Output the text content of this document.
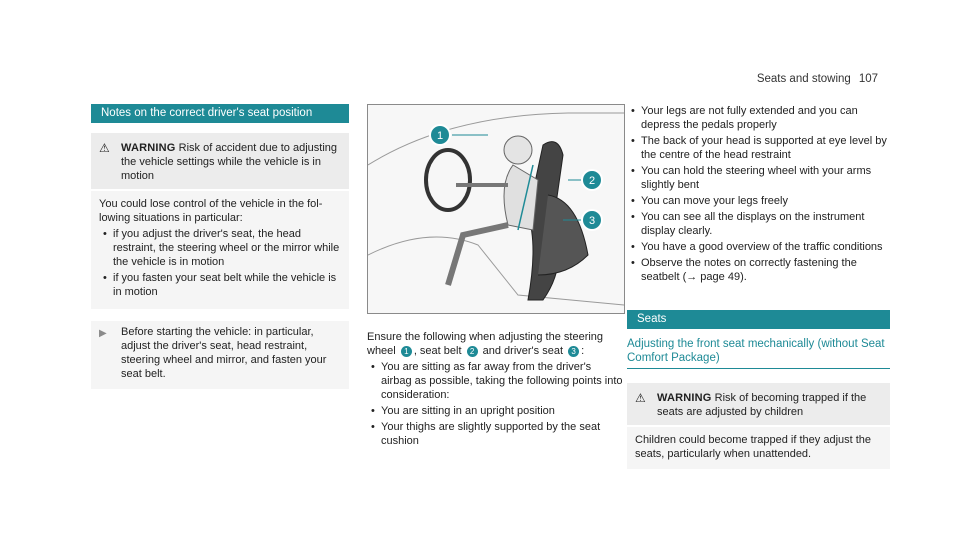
Seats and stowing 107
Notes on the correct driver's seat position
⚠	WARNING Risk of accident due to adjusting the vehicle settings while the vehicle is in motion
You could lose control of the vehicle in the following situations in particular:
• if you adjust the driver's seat, the head restraint, the steering wheel or the mirror while the vehicle is in motion
• if you fasten your seat belt while the vehicle is in motion
▶	Before starting the vehicle: in particular, adjust the driver's seat, head restraint, steering wheel and mirror, and fasten your seat belt.
1
2
3
Ensure the following when adjusting the steering wheel 1 , seat belt 2 and driver's seat 3 :
• You are sitting as far away from the driver's airbag as possible, taking the following points into consideration:
• You are sitting in an upright position
• Your thighs are slightly supported by the seat cushion
• Your legs are not fully extended and you can depress the pedals properly
• The back of your head is supported at eye level by the centre of the head restraint
• You can hold the steering wheel with your arms slightly bent
• You can move your legs freely
• You can see all the displays on the instrument display clearly.
• You have a good overview of the traffic conditions
• Observe the notes on correctly fastening the seatbelt (→ page 49).
Seats
Adjusting the front seat mechanically (without Seat Comfort Package)
⚠	WARNING Risk of becoming trapped if the seats are adjusted by children
Children could become trapped if they adjust the seats, particularly when unattended.
